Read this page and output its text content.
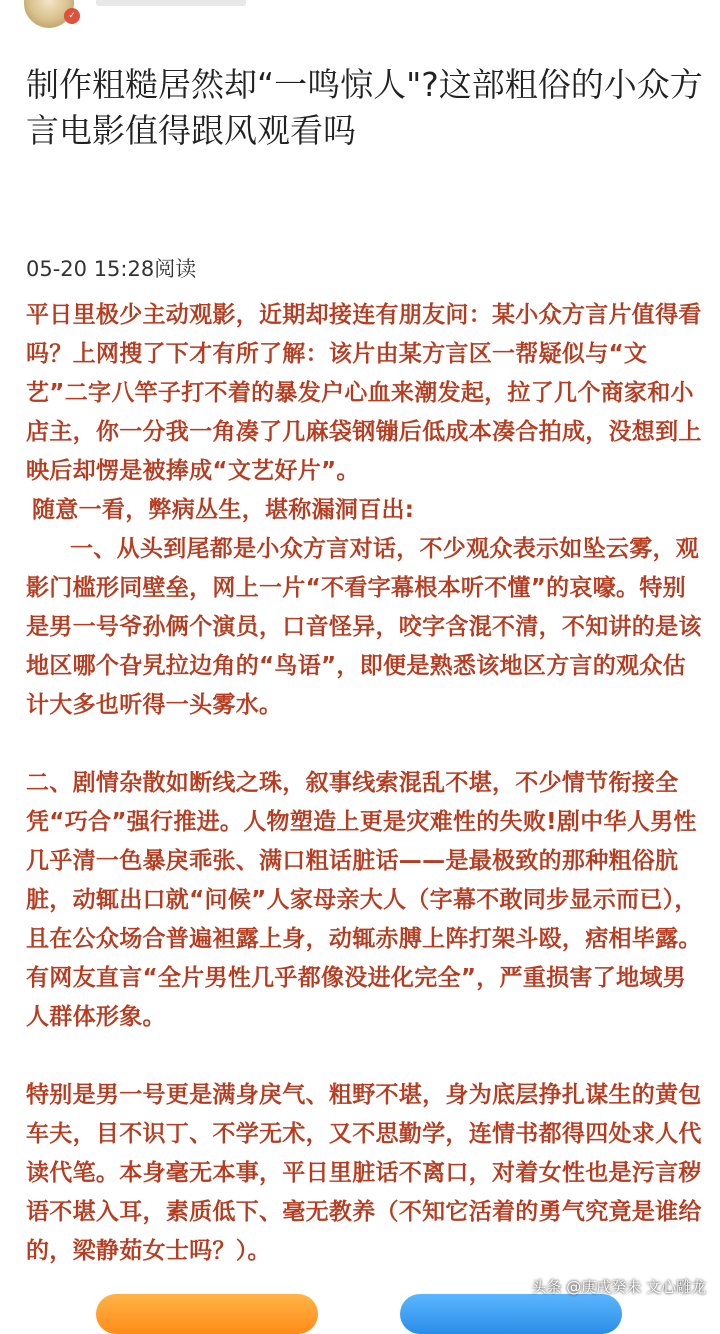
✓
制作粗糙居然却“一鸣惊人"?这部粗俗的小众方言电影值得跟风观看吗
05-20 15:28阅读

平日里极少主动观影，近期却接连有朋友问：某小众方言片值得看吗？上网搜了下才有所了解：该片由某方言区一帮疑似与“文艺”二字八竿子打不着的暴发户心血来潮发起，拉了几个商家和小店主，你一分我一角凑了几麻袋钢镚后低成本凑合拍成，没想到上映后却愣是被捧成“文艺好片”。

随意一看，弊病丛生，堪称漏洞百出:

一、从头到尾都是小众方言对话，不少观众表示如坠云雾，观影门槛形同壁垒，网上一片“不看字幕根本听不懂”的哀嚎。特别是男一号爷孙俩个演员，口音怪异，咬字含混不清，不知讲的是该地区哪个旮旯拉边角的“鸟语”，即便是熟悉该地区方言的观众估计大多也听得一头雾水。

二、剧情杂散如断线之珠，叙事线索混乱不堪，不少情节衔接全凭“巧合”强行推进。人物塑造上更是灾难性的失败!剧中华人男性几乎清一色暴戾乖张、满口粗话脏话——是最极致的那种粗俗肮脏，动辄出口就“问候”人家母亲大人（字幕不敢同步显示而已），且在公众场合普遍袒露上身，动辄赤膊上阵打架斗殴，痞相毕露。有网友直言“全片男性几乎都像没进化完全”，严重损害了地域男人群体形象。

特别是男一号更是满身戾气、粗野不堪，身为底层挣扎谋生的黄包车夫，目不识丁、不学无术，又不思勤学，连情书都得四处求人代读代笔。本身毫无本事，平日里脏话不离口，对着女性也是污言秽语不堪入耳，素质低下、毫无教养（不知它活着的勇气究竟是谁给的，梁静茹女士吗？）。

头条 @庚戌癸未 文心雕龙
